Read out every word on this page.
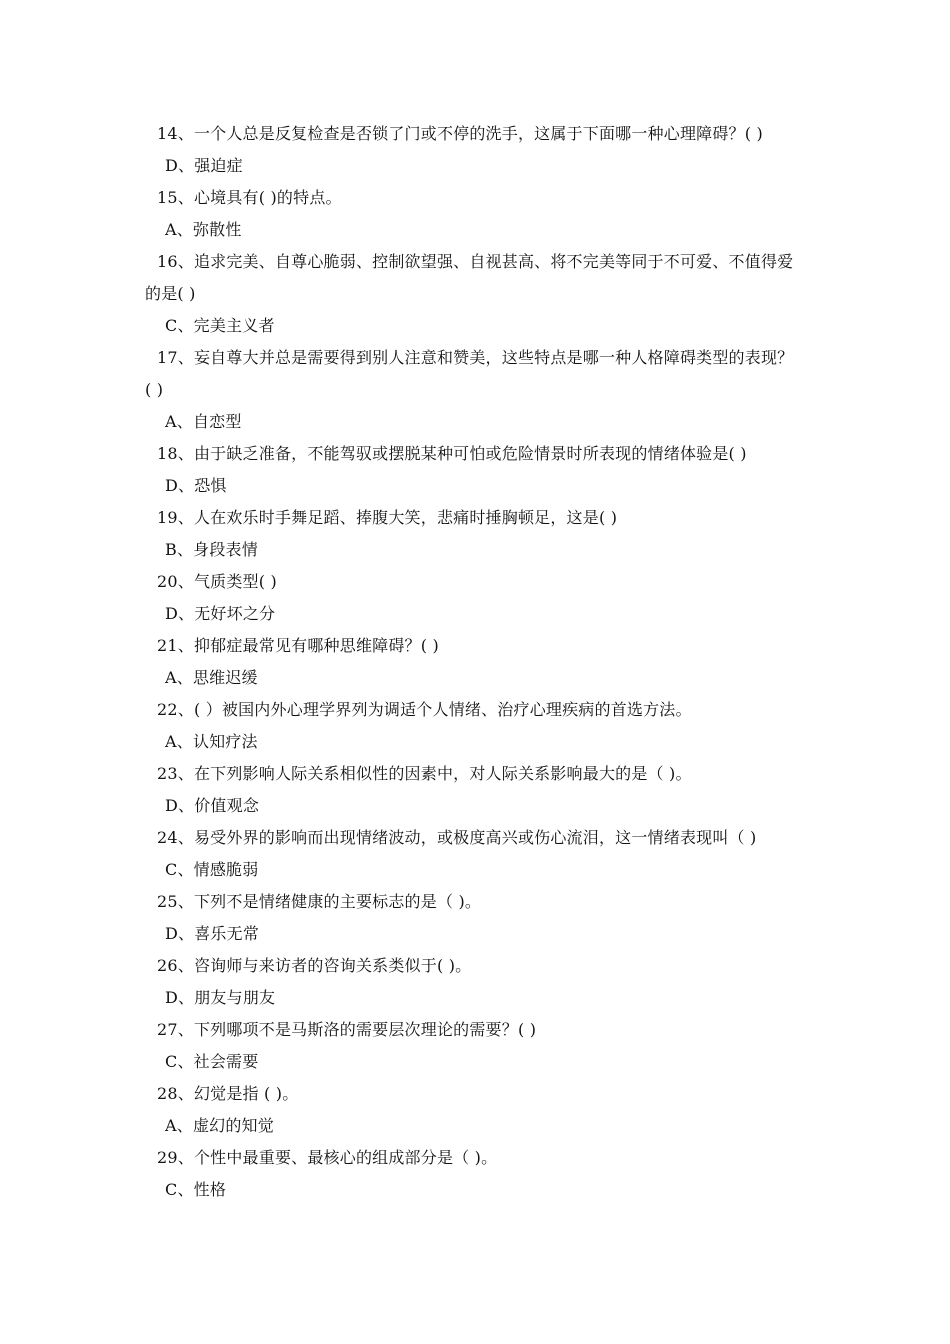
14、一个人总是反复检查是否锁了门或不停的洗手，这属于下面哪一种心理障碍？( )

D、强迫症

15、心境具有( )的特点。

A、弥散性

16、追求完美、自尊心脆弱、控制欲望强、自视甚高、将不完美等同于不可爱、不值得爱
的是( )

C、完美主义者

17、妄自尊大并总是需要得到别人注意和赞美，这些特点是哪一种人格障碍类型的表现？
( )

A、自恋型

18、由于缺乏准备，不能驾驭或摆脱某种可怕或危险情景时所表现的情绪体验是( )

D、恐惧

19、人在欢乐时手舞足蹈、捧腹大笑，悲痛时捶胸顿足，这是( )

B、身段表情

20、气质类型( )

D、无好坏之分

21、抑郁症最常见有哪种思维障碍？( )

A、思维迟缓

22、( ）被国内外心理学界列为调适个人情绪、治疗心理疾病的首选方法。

A、认知疗法

23、在下列影响人际关系相似性的因素中，对人际关系影响最大的是（ )。

D、价值观念

24、易受外界的影响而出现情绪波动，或极度高兴或伤心流泪，这一情绪表现叫（ )

C、情感脆弱

25、下列不是情绪健康的主要标志的是（ )。

D、喜乐无常

26、咨询师与来访者的咨询关系类似于( )。

D、朋友与朋友

27、下列哪项不是马斯洛的需要层次理论的需要？( )

C、社会需要

28、幻觉是指 ( )。

A、虚幻的知觉

29、个性中最重要、最核心的组成部分是（ )。

C、性格
